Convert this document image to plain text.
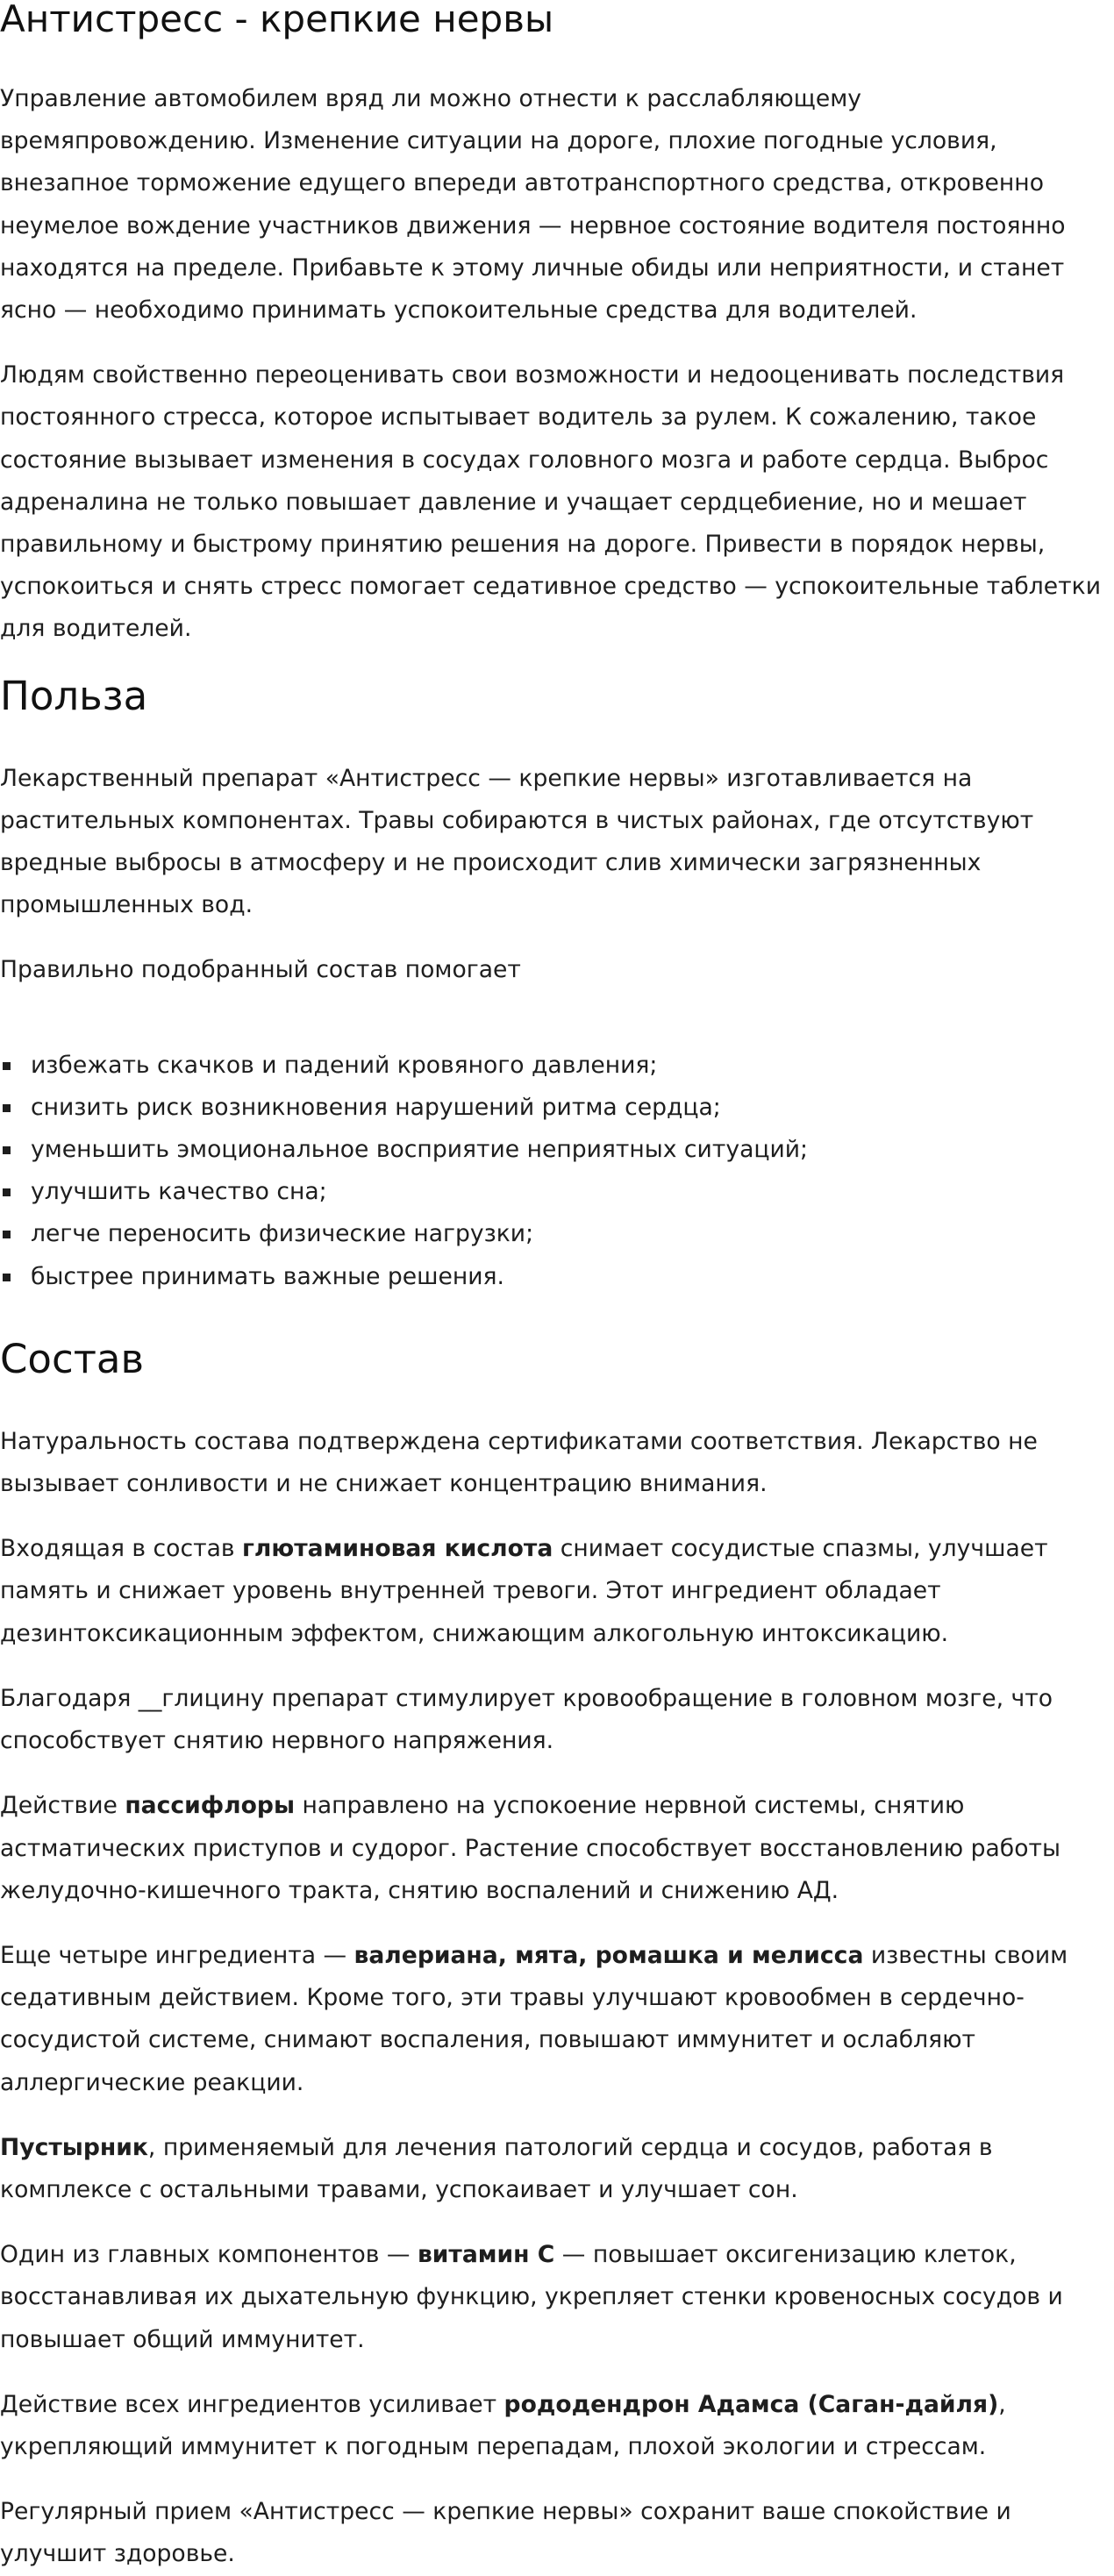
Антистресс - крепкие нервы

Управление автомобилем вряд ли можно отнести к расслабляющему времяпровождению. Изменение ситуации на дороге, плохие погодные условия, внезапное торможение едущего впереди автотранспортного средства, откровенно неумелое вождение участников движения — нервное состояние водителя постоянно находятся на пределе. Прибавьте к этому личные обиды или неприятности, и станет ясно — необходимо принимать успокоительные средства для водителей.

Людям свойственно переоценивать свои возможности и недооценивать последствия постоянного стресса, которое испытывает водитель за рулем. К сожалению, такое состояние вызывает изменения в сосудах головного мозга и работе сердца. Выброс адреналина не только повышает давление и учащает сердцебиение, но и мешает правильному и быстрому принятию решения на дороге. Привести в порядок нервы, успокоиться и снять стресс помогает седативное средство — успокоительные таблетки для водителей.

Польза

Лекарственный препарат «Антистресс — крепкие нервы» изготавливается на растительных компонентах. Травы собираются в чистых районах, где отсутствуют вредные выбросы в атмосферу и не происходит слив химически загрязненных промышленных вод.

Правильно подобранный состав помогает

избежать скачков и падений кровяного давления;
снизить риск возникновения нарушений ритма сердца;
уменьшить эмоциональное восприятие неприятных ситуаций;
улучшить качество сна;
легче переносить физические нагрузки;
быстрее принимать важные решения.
Состав

Натуральность состава подтверждена сертификатами соответствия. Лекарство не вызывает сонливости и не снижает концентрацию внимания.

Входящая в состав глютаминовая кислота снимает сосудистые спазмы, улучшает память и снижает уровень внутренней тревоги. Этот ингредиент обладает дезинтоксикационным эффектом, снижающим алкогольную интоксикацию.

Благодаря __глицину препарат стимулирует кровообращение в головном мозге, что способствует снятию нервного напряжения.

Действие пассифлоры направлено на успокоение нервной системы, снятию астматических приступов и судорог. Растение способствует восстановлению работы желудочно-кишечного тракта, снятию воспалений и снижению АД.

Еще четыре ингредиента — валериана, мята, ромашка и мелисса известны своим седативным действием. Кроме того, эти травы улучшают кровообмен в сердечно-сосудистой системе, снимают воспаления, повышают иммунитет и ослабляют аллергические реакции.

Пустырник, применяемый для лечения патологий сердца и сосудов, работая в комплексе с остальными травами, успокаивает и улучшает сон.

Один из главных компонентов — витамин С — повышает оксигенизацию клеток, восстанавливая их дыхательную функцию, укрепляет стенки кровеносных сосудов и повышает общий иммунитет.

Действие всех ингредиентов усиливает рододендрон Адамса (Саган-дайля), укрепляющий иммунитет к погодным перепадам, плохой экологии и стрессам.

Регулярный прием «Антистресс — крепкие нервы» сохранит ваше спокойствие и улучшит здоровье.
